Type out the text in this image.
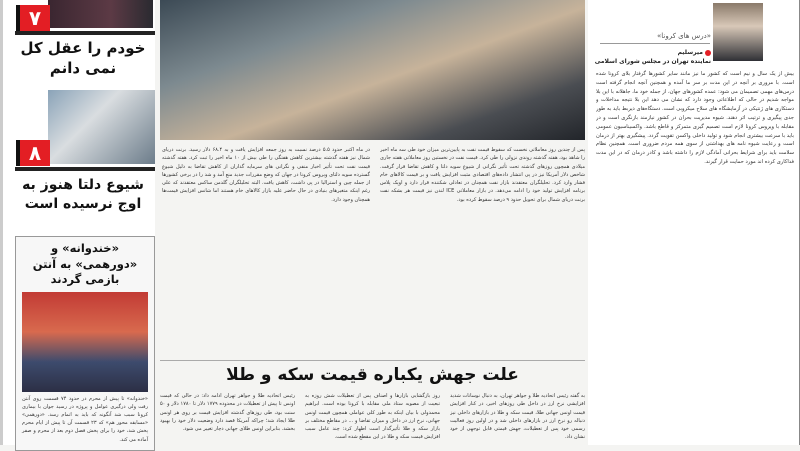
۷
خودم را عقل کل نمی دانم
۸
شیوع دلتا هنوز به اوج نرسیده است
«خندوانه» و «دورهمی» به آنتن بازمی گردند
«خندوانه» تا پیش از محرم در حدود ۷۴ قسمت روی آنتن رفت ولی درگیری عوامل و پروژه در رسید جوان با بیماری کرونا سبب شد آنگونه که باید به اتمام رسد. «دورهمی» «مسابقه محور هم» که ۲۳ قسمت آن تا پیش از ایام محرم پخش شد، خود را برای پخش فصل دوم بعد از محرم و صفر آماده می کند.
پس از چندین روز معاملاتی نخست که سقوط قیمت نفت به پایین‌ترین میزان خود طی سه ماه اخیر را شاهد بود، هفته گذشته روندی نزولی را طی کرد. قیمت نفت در نخستین روز معاملاتی هفته جاری میلادی همچون روزهای گذشته تحت تأثیر نگرانی از شیوع سویه دلتا و کاهش تقاضا قرار گرفت. شاخص دلار آمریکا نیز در پی انتشار داده‌های اقتصادی مثبت افزایش یافت و بر قیمت کالاهای خام فشار وارد کرد. تحلیلگران معتقدند بازار نفت همچنان در تعادلی شکننده قرار دارد و اوپک پلاس برنامه افزایش تولید خود را ادامه می‌دهد. در بازار معاملاتی ICE لندن نیز قیمت هر بشکه نفت برنت دریای شمال برای تحویل حدود ۹ درصد سقوط کرده بود.
در ماه اکتبر حدود ۵.۵ درصد نسبت به روز جمعه افزایش یافت و به ۶۸.۴ دلار رسید. برنت دریای شمال نیز هفته گذشته بیشترین کاهش هفتگی را طی بیش از ۱۰ ماه اخیر را ثبت کرد. هفته گذشته قیمت نفت تحت تأثیر اخبار منفی و نگرانی های سرمایه گذاران از کاهش تقاضا به دلیل شیوع گسترده سویه دلتای ویروس کرونا در جهان که وضع مقررات جدید منع آمد و شد را در برخی کشورها از جمله چین و استرالیا در پی داشت، کاهش یافت. البته تحلیلگران گلدمن ساکس معتقدند که علی رغم اینکه متغیرهای بنیادی در حال حاضر علیه بازار کالاهای خام هستند اما شانس افزایش قیمت‌ها همچنان وجود دارد.
علت جهش یکباره قیمت سکه و طلا
به گفته رئیس اتحادیه طلا و جواهر تهران، به دنبال نوسانات شدید افزایشی نرخ ارز در داخل طی روزهای اخیر، در کنار افزایش قیمت اونس جهانی طلا، قیمت سکه و طلا در بازارهای داخلی نیز دنباله رو نرخ ارز در بازارهای داخلی شد و در اولین روز فعالیت رسمی خود پس از تعطیلات، جهش قیمتی قابل توجهی از خود نشان داد.
روز بازگشایی بازارها و اصناف پس از تعطیلات شش روزه به تبعیت از مصوبه ستاد ملی مقابله با کرونا بوده است. ابراهیم محمدولی با بیان اینکه به طور کلی عواملی همچون قیمت اونس جهانی، نرخ ارز در داخل و میزان تقاضا و ... در مقاطع مختلف بر بازار سکه و طلا تأثیرگذار است اظهار کرد: چند عامل سبب افزایش قیمت سکه و طلا در این مقطع شده است.
رئیس اتحادیه طلا و جواهر تهران ادامه داد: در حالی که قیمت اونس تا پیش از تعطیلات در محدوده ۱۷۷۹ دلار تا ۱۷۸۰ دلار و ۵۰ سنت بود، طی روزهای گذشته افزایش قیمت بر روی هر اونس طلا ایجاد شد؛ چراکه آمریکا قصد دارد وضعیت دلار خود را بهبود بخشد. بنابراین اونس طلای جهانی دچار تغییر می شود.
«درس های کرونا»
میرسلیم
نماینده تهران در مجلس شورای اسلامی
بیش از یک سال و نیم است که کشور ما نیز مانند سایر کشورها گرفتار بلای کرونا شده است. با مروری بر آنچه در این مدت بر سر ما آمده و همچنین آنچه انجام گرفته است درس‌های مهمی تصمیمان می شود: عمده کشورهای جهان، از جمله خود ما، جاهلانه با این بلا مواجه شدیم در حالی که اطلاعاتی وجود دارد که نشان می دهد این بلا نتیجه مداخلات و دستکاری های ژنتیکی در آزمایشگاه های سلاح میکروبی است. دستگاه‌های ذیربط باید به طور جدی پیگیری و ترتیب اثر دهند. شیوه مدیریت بحران در کشور نیازمند بازنگری است و در مقابله با ویروس کرونا لازم است تصمیم گیری متمرکز و قاطع باشد. واکسیناسیون عمومی باید با سرعت بیشتری انجام شود و تولید داخلی واکسن تقویت گردد. پیشگیری بهتر از درمان است و رعایت شیوه نامه های بهداشتی از سوی همه مردم ضروری است. همچنین نظام سلامت باید برای شرایط بحرانی آمادگی لازم را داشته باشد و کادر درمان که در این مدت فداکاری کرده اند مورد حمایت قرار گیرند.
